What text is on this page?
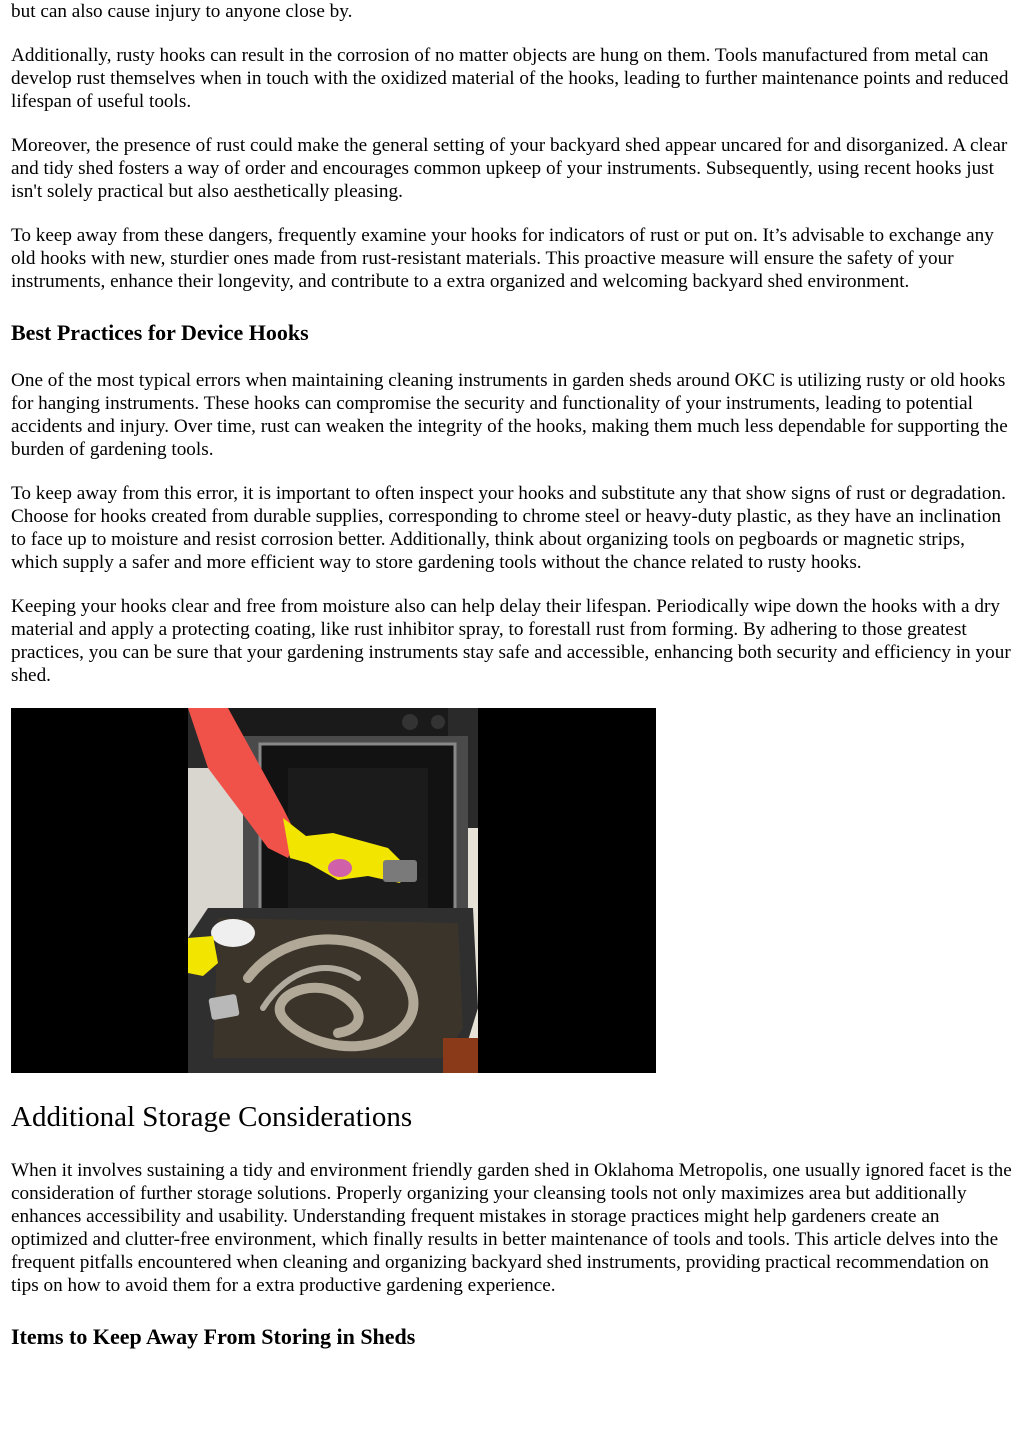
but can also cause injury to anyone close by.

Additionally, rusty hooks can result in the corrosion of no matter objects are hung on them. Tools manufactured from metal can develop rust themselves when in touch with the oxidized material of the hooks, leading to further maintenance points and reduced lifespan of useful tools.

Moreover, the presence of rust could make the general setting of your backyard shed appear uncared for and disorganized. A clear and tidy shed fosters a way of order and encourages common upkeep of your instruments. Subsequently, using recent hooks just isn't solely practical but also aesthetically pleasing.

To keep away from these dangers, frequently examine your hooks for indicators of rust or put on. It’s advisable to exchange any old hooks with new, sturdier ones made from rust-resistant materials. This proactive measure will ensure the safety of your instruments, enhance their longevity, and contribute to a extra organized and welcoming backyard shed environment.

Best Practices for Device Hooks

One of the most typical errors when maintaining cleaning instruments in garden sheds around OKC is utilizing rusty or old hooks for hanging instruments. These hooks can compromise the security and functionality of your instruments, leading to potential accidents and injury. Over time, rust can weaken the integrity of the hooks, making them much less dependable for supporting the burden of gardening tools.

To keep away from this error, it is important to often inspect your hooks and substitute any that show signs of rust or degradation. Choose for hooks created from durable supplies, corresponding to chrome steel or heavy-duty plastic, as they have an inclination to face up to moisture and resist corrosion better. Additionally, think about organizing tools on pegboards or magnetic strips, which supply a safer and more efficient way to store gardening tools without the chance related to rusty hooks.

Keeping your hooks clear and free from moisture also can help delay their lifespan. Periodically wipe down the hooks with a dry material and apply a protecting coating, like rust inhibitor spray, to forestall rust from forming. By adhering to those greatest practices, you can be sure that your gardening instruments stay safe and accessible, enhancing both security and efficiency in your shed.

Additional Storage Considerations

When it involves sustaining a tidy and environment friendly garden shed in Oklahoma Metropolis, one usually ignored facet is the consideration of further storage solutions. Properly organizing your cleansing tools not only maximizes area but additionally enhances accessibility and usability. Understanding frequent mistakes in storage practices might help gardeners create an optimized and clutter-free environment, which finally results in better maintenance of tools and tools. This article delves into the frequent pitfalls encountered when cleaning and organizing backyard shed instruments, providing practical recommendation on tips on how to avoid them for a extra productive gardening experience.

Items to Keep Away From Storing in Sheds
